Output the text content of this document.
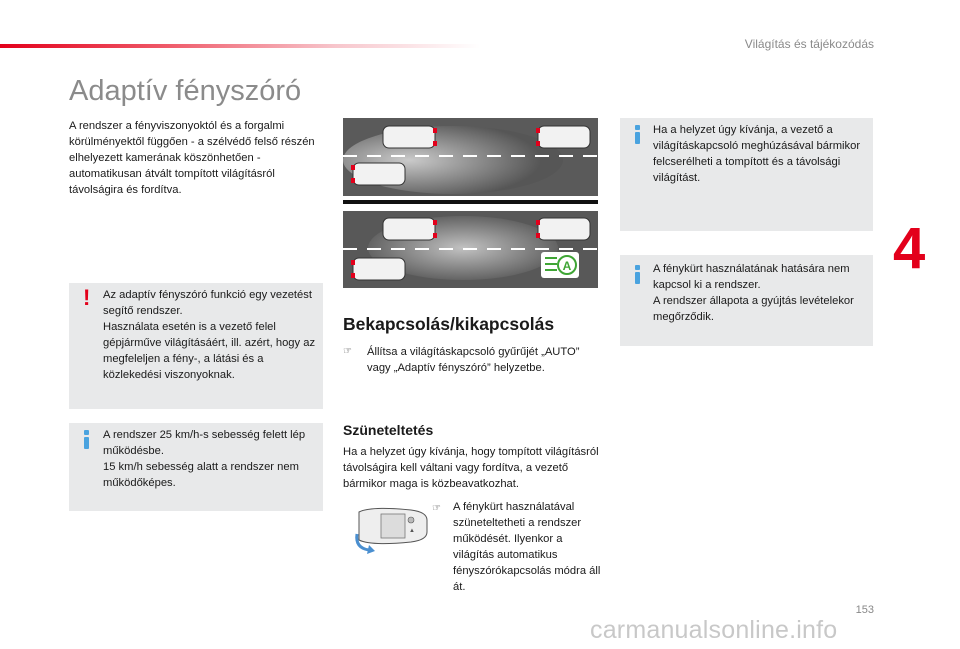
Világítás és tájékozódás
Adaptív fényszóró

A rendszer a fényviszonyoktól és a forgalmi körülményektől függően - a szélvédő felső részén elhelyezett kamerának köszönhetően - automatikusan átvált tompított világításról távolságira és fordítva.

! Az adaptív fényszóró funkció egy vezetést segítő rendszer.

Használata esetén is a vezető felel gépjárműve világításáért, ill. azért, hogy az megfeleljen a fény-, a látási és a közlekedési viszonyoknak.

A rendszer 25 km/h-s sebesség felett lép működésbe.

15 km/h sebesség alatt a rendszer nem működőképes.

A
Bekapcsolás/kikapcsolás
☞ Állítsa a világításkapcsoló gyűrűjét „AUTO” vagy „Adaptív fényszóró” helyzetbe.

Szüneteltetés

Ha a helyzet úgy kívánja, hogy tompított világításról távolságira kell váltani vagy fordítva, a vezető bármikor maga is közbeavatkozhat.

▲
☞ A fénykürt használatával szüneteltetheti a rendszer működését. Ilyenkor a világítás automatikus fényszórókapcsolás módra áll át.

Ha a helyzet úgy kívánja, a vezető a világításkapcsoló meghúzásával bármikor felcserélheti a tompított és a távolsági világítást.

A fénykürt használatának hatására nem kapcsol ki a rendszer.

A rendszer állapota a gyújtás levételekor megőrződik.

4
153
carmanualsonline.info
